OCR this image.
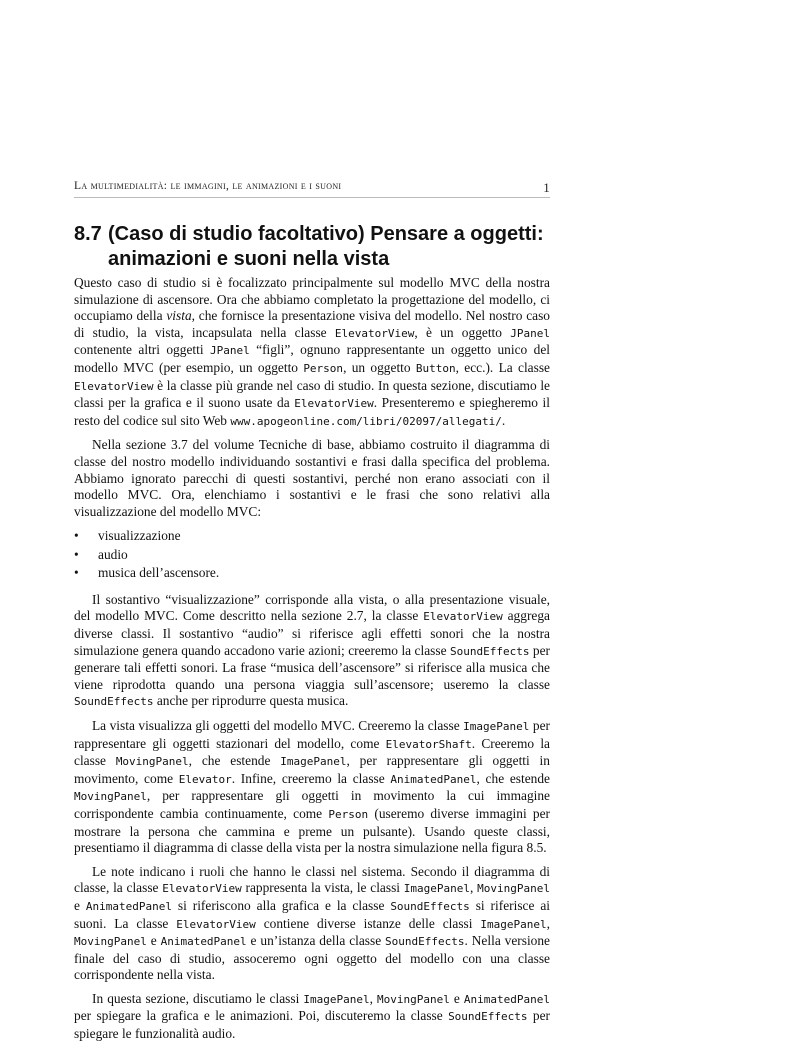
La multimedialità: le immagini, le animazioni e i suoni	1
8.7 (Caso di studio facoltativo) Pensare a oggetti:
animazioni e suoni nella vista

Questo caso di studio si è focalizzato principalmente sul modello MVC della nostra simulazione di ascensore. Ora che abbiamo completato la progettazione del modello, ci occupiamo della vista, che fornisce la presentazione visiva del modello. Nel nostro caso di studio, la vista, incapsulata nella classe ElevatorView, è un oggetto JPanel contenente altri oggetti JPanel “figli”, ognuno rappresentante un oggetto unico del modello MVC (per esempio, un oggetto Person, un oggetto Button, ecc.). La classe ElevatorView è la classe più grande nel caso di studio. In questa sezione, discutiamo le classi per la grafica e il suono usate da ElevatorView. Presenteremo e spiegheremo il resto del codice sul sito Web www.apogeonline.com/libri/02097/allegati/.

Nella sezione 3.7 del volume Tecniche di base, abbiamo costruito il diagramma di classe del nostro modello individuando sostantivi e frasi dalla specifica del problema. Abbiamo ignorato parecchi di questi sostantivi, perché non erano associati con il modello MVC. Ora, elenchiamo i sostantivi e le frasi che sono relativi alla visualizzazione del modello MVC:

• visualizzazione
• audio
• musica dell’ascensore.

Il sostantivo “visualizzazione” corrisponde alla vista, o alla presentazione visuale, del modello MVC. Come descritto nella sezione 2.7, la classe ElevatorView aggrega diverse classi. Il sostantivo “audio” si riferisce agli effetti sonori che la nostra simulazione genera quando accadono varie azioni; creeremo la classe SoundEffects per generare tali effetti sonori. La frase “musica dell’ascensore” si riferisce alla musica che viene riprodotta quando una persona viaggia sull’ascensore; useremo la classe SoundEffects anche per riprodurre questa musica.

La vista visualizza gli oggetti del modello MVC. Creeremo la classe ImagePanel per rappresentare gli oggetti stazionari del modello, come ElevatorShaft. Creeremo la classe MovingPanel, che estende ImagePanel, per rappresentare gli oggetti in movimento, come Elevator. Infine, creeremo la classe AnimatedPanel, che estende MovingPanel, per rappresentare gli oggetti in movimento la cui immagine corrispondente cambia continuamente, come Person (useremo diverse immagini per mostrare la persona che cammina e preme un pulsante). Usando queste classi, presentiamo il diagramma di classe della vista per la nostra simulazione nella figura 8.5.

Le note indicano i ruoli che hanno le classi nel sistema. Secondo il diagramma di classe, la classe ElevatorView rappresenta la vista, le classi ImagePanel, MovingPanel e AnimatedPanel si riferiscono alla grafica e la classe SoundEffects si riferisce ai suoni. La classe ElevatorView contiene diverse istanze delle classi ImagePanel, MovingPanel e AnimatedPanel e un’istanza della classe SoundEffects. Nella versione finale del caso di studio, assoceremo ogni oggetto del modello con una classe corrispondente nella vista.

In questa sezione, discutiamo le classi ImagePanel, MovingPanel e AnimatedPanel per spiegare la grafica e le animazioni. Poi, discuteremo la classe SoundEffects per spiegare le funzionalità audio.
